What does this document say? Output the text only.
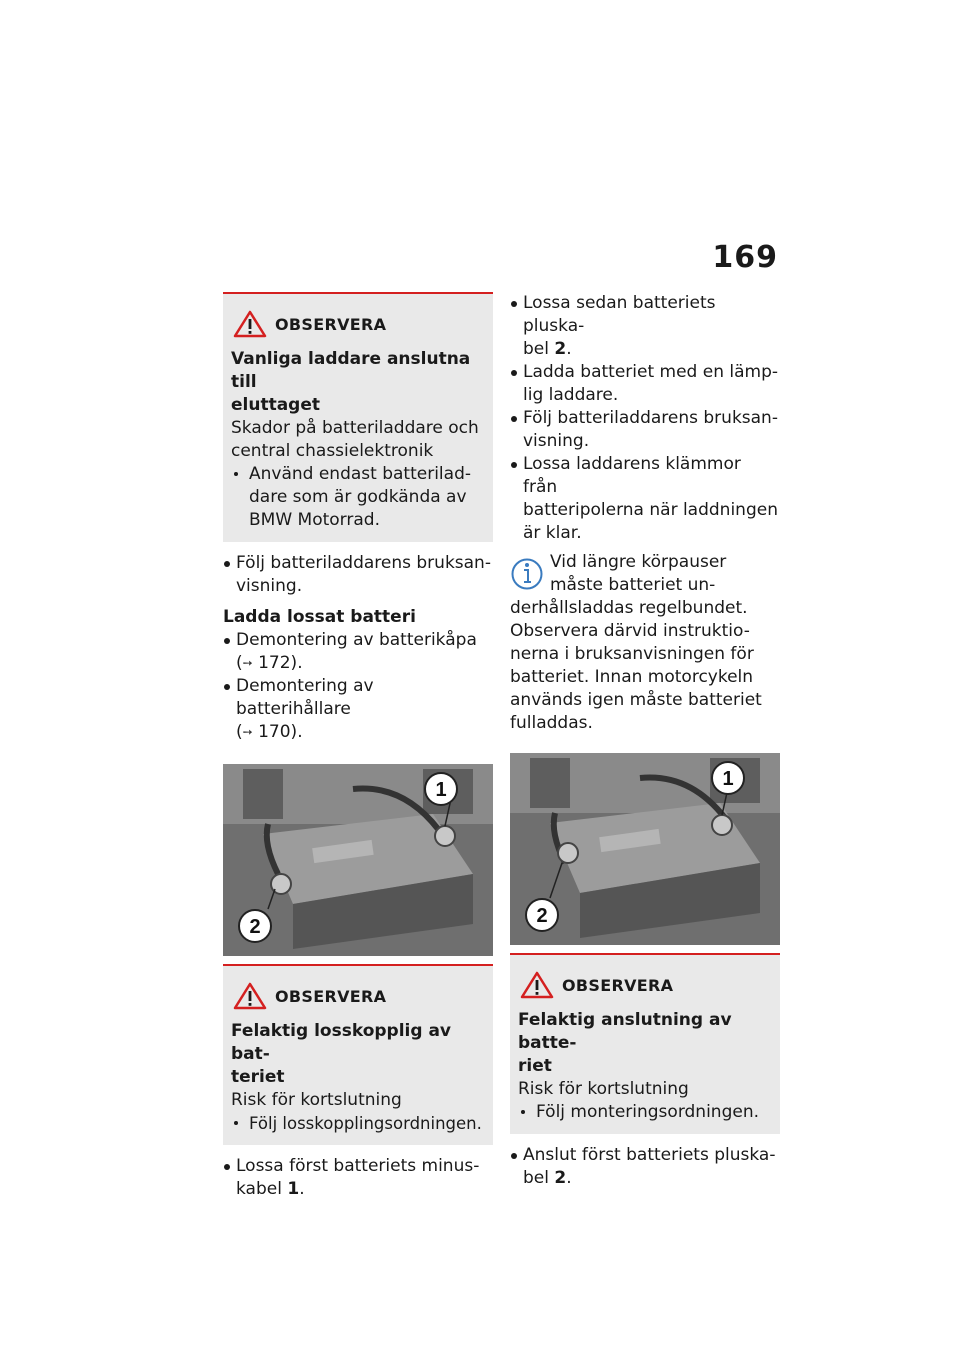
169
OBSERVERA
Vanliga laddare anslutna till
eluttaget
Skador på batteriladdare och
central chassielektronik
Använd endast batterilad-
dare som är godkända av
BMW Motorrad.
Följ batteriladdarens bruksan-
visning.
Ladda lossat batteri
Demontering av batterikåpa
(➙ 172).
Demontering av batterihållare
(➙ 170).
1
2
OBSERVERA
Felaktig losskopplig av bat-
teriet
Risk för kortslutning
Följ losskopplingsordningen.
Lossa först batteriets minus-
kabel 1.
Lossa sedan batteriets pluska-
bel 2.
Ladda batteriet med en lämp-
lig laddare.
Följ batteriladdarens bruksan-
visning.
Lossa laddarens klämmor från
batteripolerna när laddningen
är klar.
Vid längre körpauser
måste batteriet un-
derhållsladdas regelbundet.
Observera därvid instruktio-
nerna i bruksanvisningen för
batteriet. Innan motorcykeln
används igen måste batteriet
fulladdas.
1
2
OBSERVERA
Felaktig anslutning av batte-
riet
Risk för kortslutning
Följ monteringsordningen.
Anslut först batteriets pluska-
bel 2.
